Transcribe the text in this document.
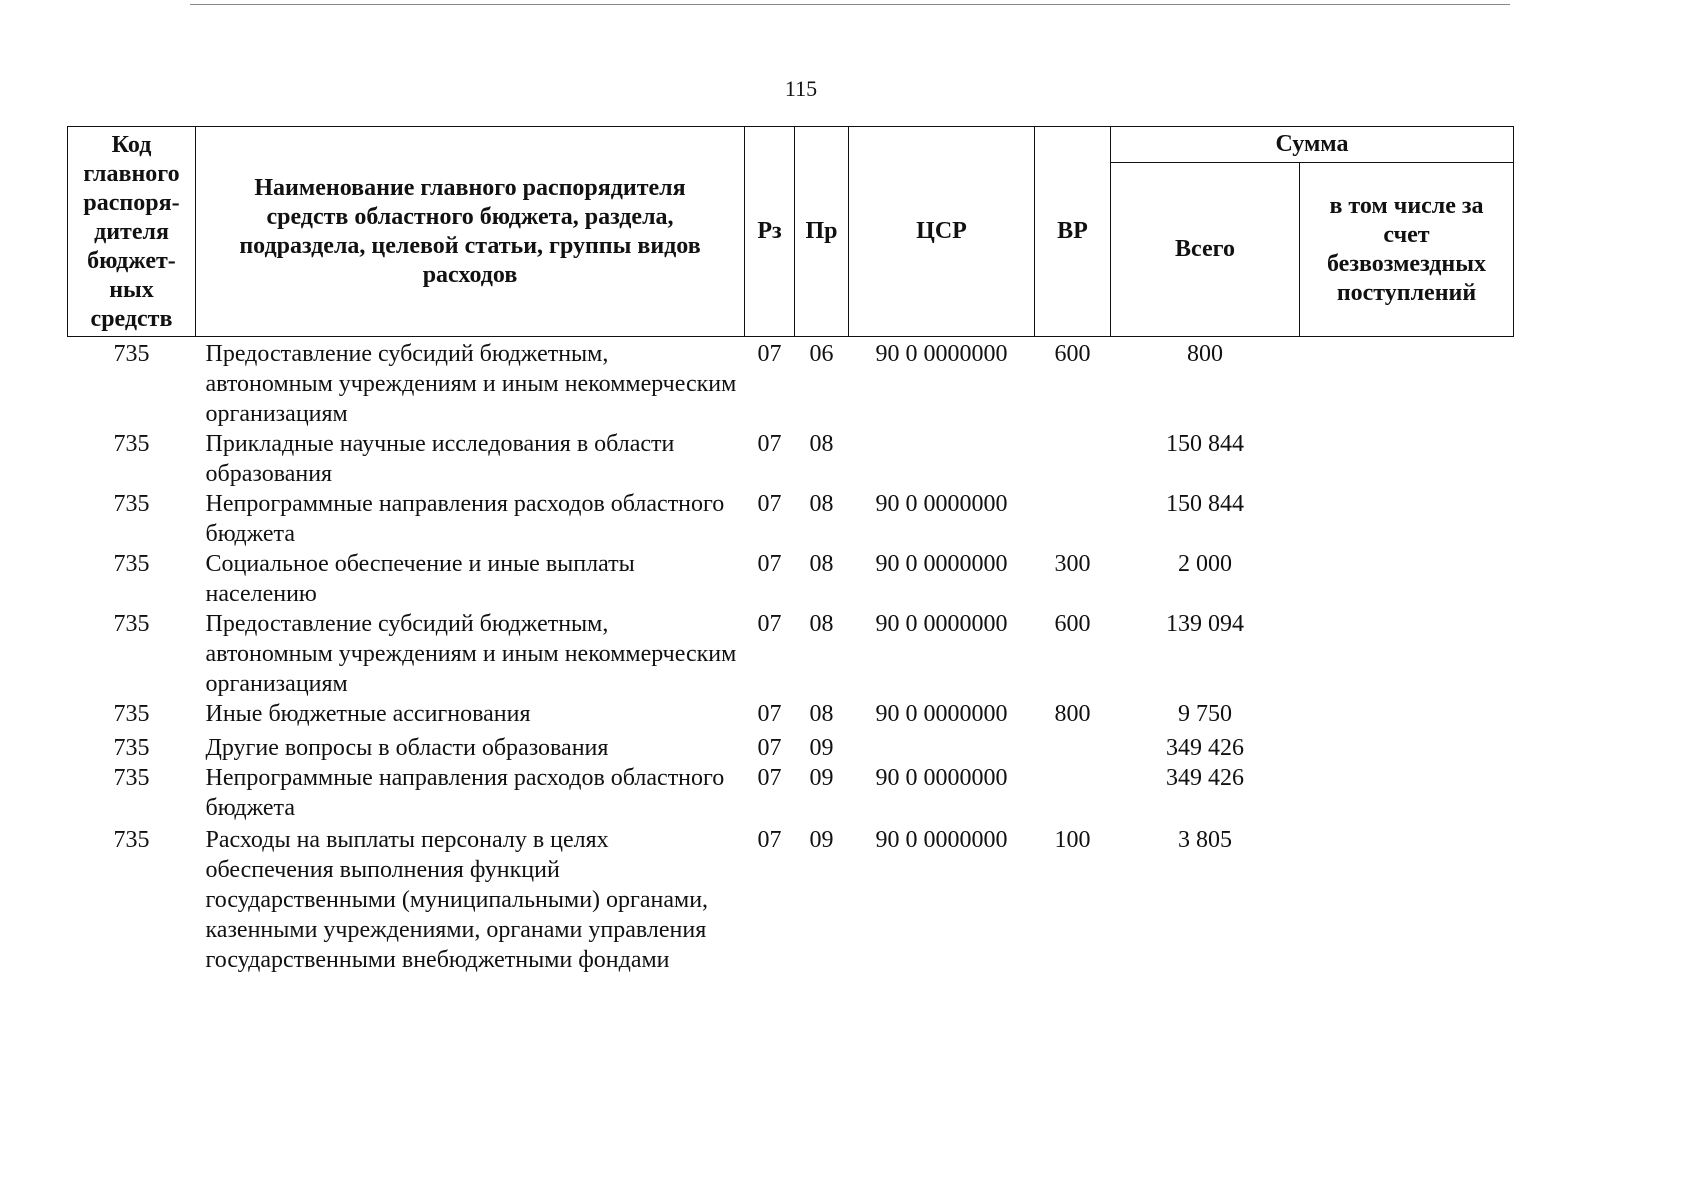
115
Код главного распоря-дителя бюджет-ных средств	Наименование главного распорядителя средств областного бюджета, раздела, подраздела, целевой статьи, группы видов расходов	Рз	Пр	ЦСР	ВР	Сумма	
						Всего	в том числе за счет безвозмездных поступлений
735	Предоставление субсидий бюджетным, автономным учреждениям и иным некоммерческим организациям	07	06	90 0 0000000	600	800	
735	Прикладные научные исследования в области образования	07	08			150 844	
735	Непрограммные направления расходов областного бюджета	07	08	90 0 0000000		150 844	
735	Социальное обеспечение и иные выплаты населению	07	08	90 0 0000000	300	2 000	
735	Предоставление субсидий бюджетным, автономным учреждениям и иным некоммерческим организациям	07	08	90 0 0000000	600	139 094	
735	Иные бюджетные ассигнования	07	08	90 0 0000000	800	9 750	
735	Другие вопросы в области образования	07	09			349 426	
735	Непрограммные направления расходов областного бюджета	07	09	90 0 0000000		349 426	
735	Расходы на выплаты персоналу в целях обеспечения выполнения функций государственными (муниципальными) органами, казенными учреждениями, органами управления государственными внебюджетными фондами	07	09	90 0 0000000	100	3 805	
